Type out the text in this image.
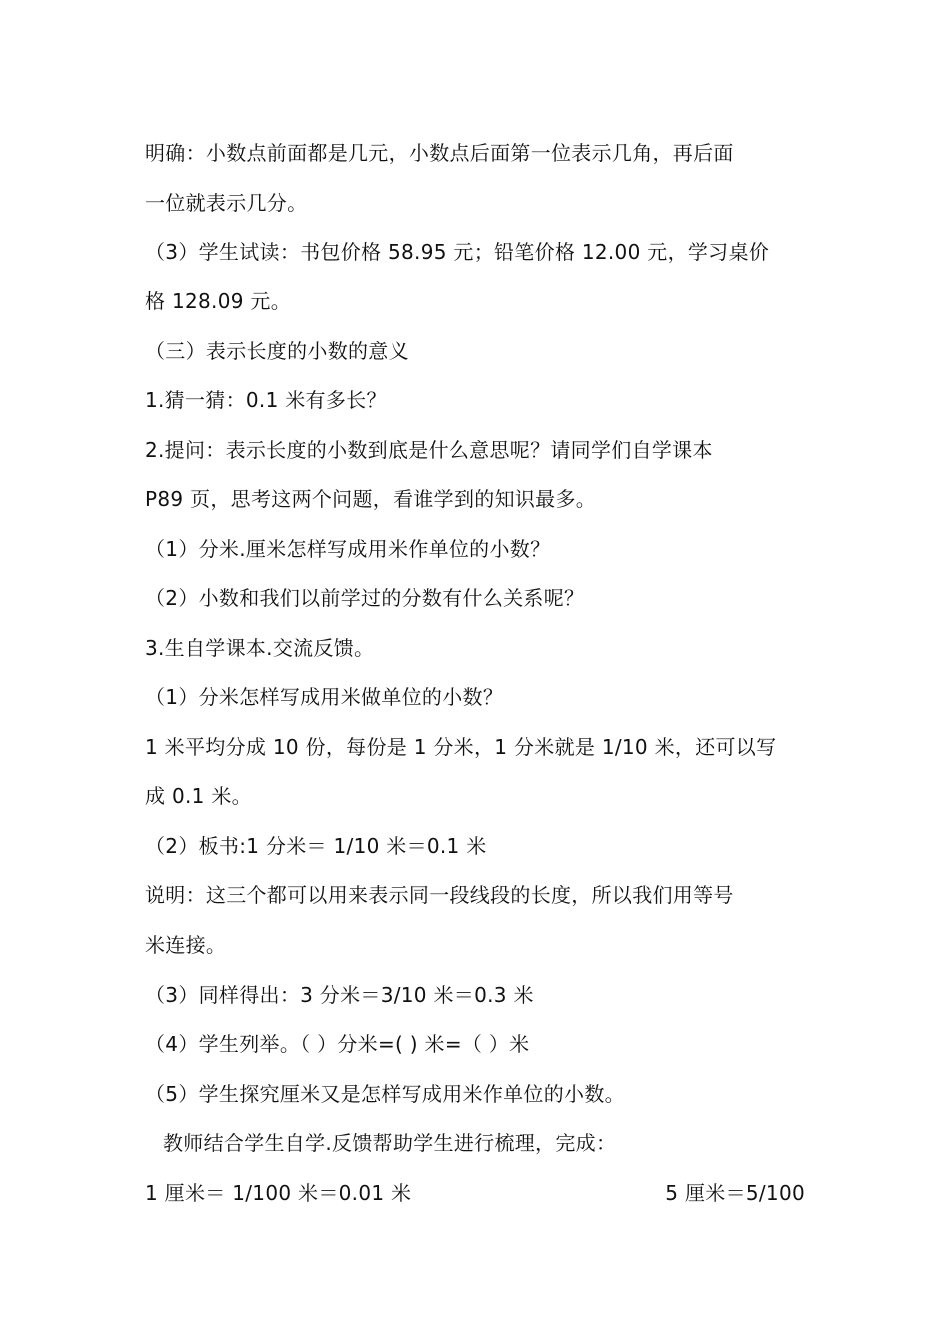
明确：小数点前面都是几元，小数点后面第一位表示几角，再后面
一位就表示几分。
（3）学生试读：书包价格 58.95 元；铅笔价格 12.00 元，学习桌价
格 128.09 元。
（三）表示长度的小数的意义
1.猜一猜：0.1 米有多长？
2.提问：表示长度的小数到底是什么意思呢？请同学们自学课本
P89 页，思考这两个问题，看谁学到的知识最多。
（1）分米.厘米怎样写成用米作单位的小数？
（2）小数和我们以前学过的分数有什么关系呢？
3.生自学课本.交流反馈。
（1）分米怎样写成用米做单位的小数？
1 米平均分成 10 份，每份是 1 分米，1 分米就是 1/10 米，还可以写
成 0.1 米。
（2）板书:1 分米＝ 1/10 米＝0.1 米
说明：这三个都可以用来表示同一段线段的长度，所以我们用等号
米连接。
（3）同样得出：3 分米＝3/10 米＝0.3 米
（4）学生列举。（ ）分米=( ) 米=（ ）米
（5）学生探究厘米又是怎样写成用米作单位的小数。
教师结合学生自学.反馈帮助学生进行梳理，完成：
1 厘米＝ 1/100 米＝0.01 米	5 厘米＝5/100
